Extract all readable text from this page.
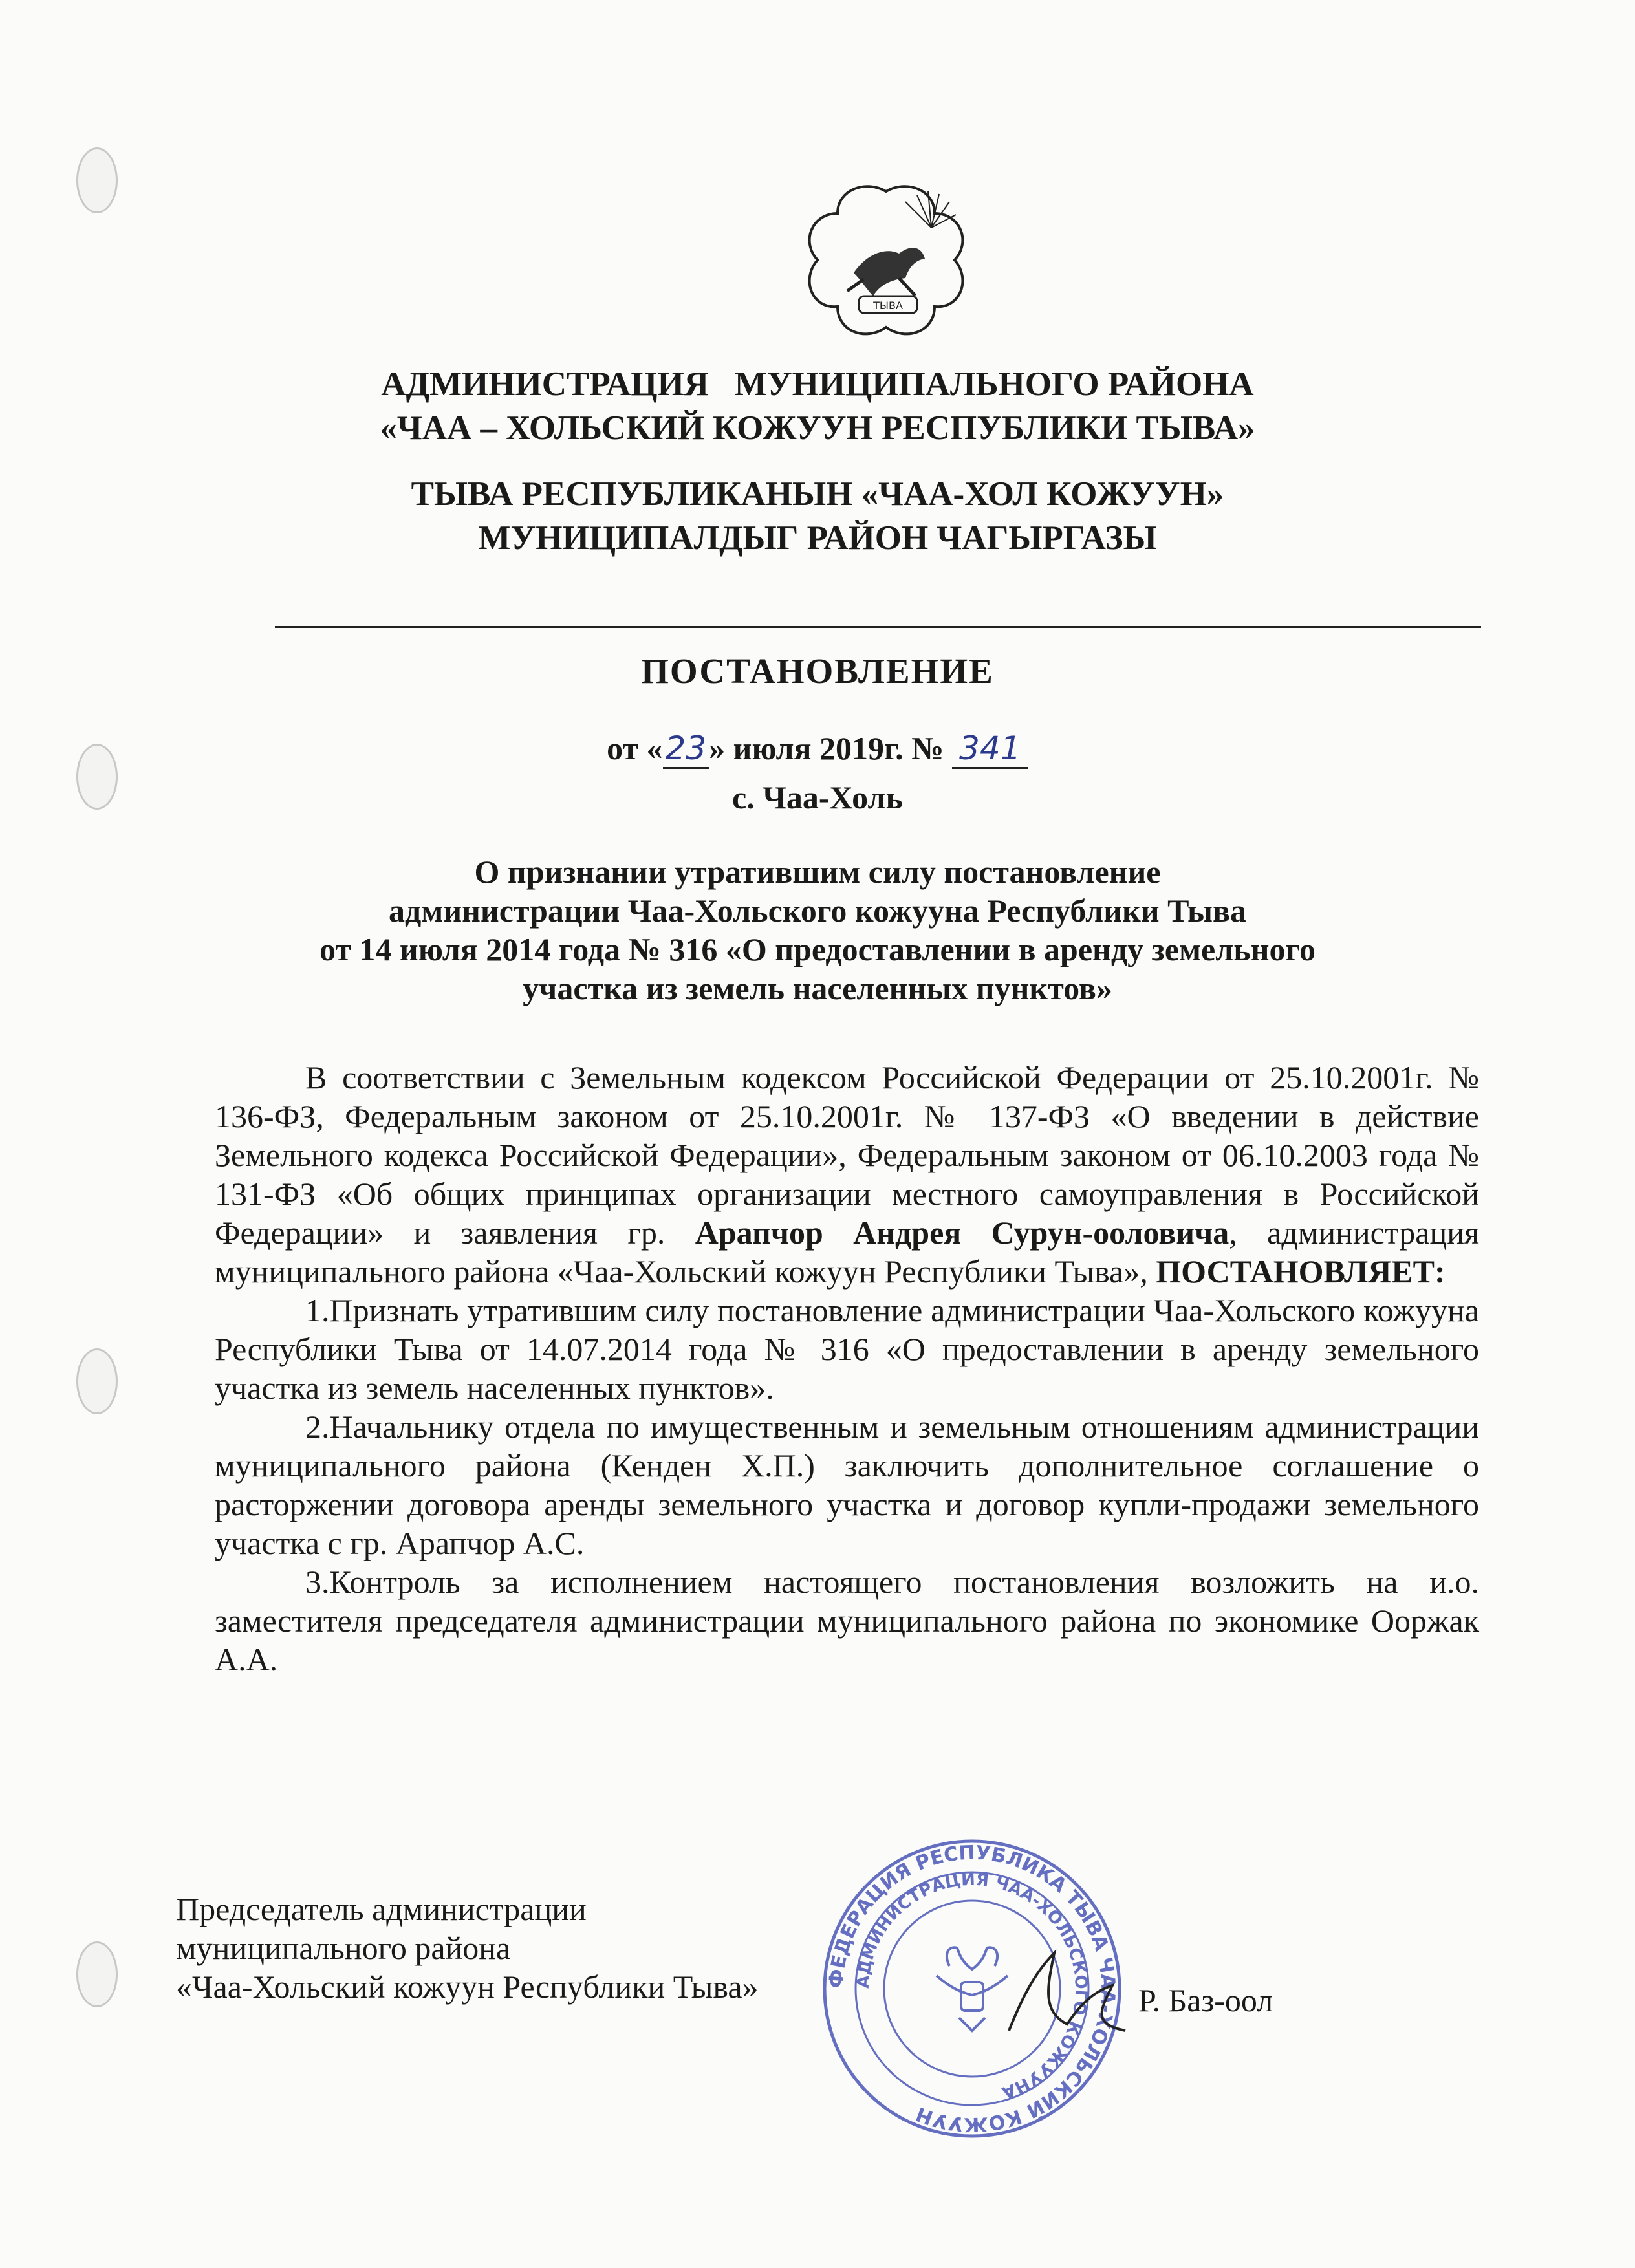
ТЫВА

АДМИНИСТРАЦИЯ   МУНИЦИПАЛЬНОГО РАЙОНА

«ЧАА – ХОЛЬСКИЙ КОЖУУН РЕСПУБЛИКИ ТЫВА»

ТЫВА РЕСПУБЛИКАНЫН «ЧАА-ХОЛ КОЖУУН»

МУНИЦИПАЛДЫГ РАЙОН ЧАГЫРГАЗЫ

ПОСТАНОВЛЕНИЕ
от «23» июля 2019г. № 341
с. Чаа-Холь

О признании утратившим силу постановление

администрации Чаа-Хольского кожууна Республики Тыва

от 14 июля 2014 года № 316 «О предоставлении в аренду земельного

участка из земель населенных пунктов»

В соответствии с Земельным кодексом Российской Федерации от 25.10.2001г. № 136-ФЗ, Федеральным законом от 25.10.2001г. № 137-ФЗ «О введении в действие Земельного кодекса Российской Федерации», Федеральным законом от 06.10.2003 года № 131-ФЗ «Об общих принципах организации местного самоуправления в Российской Федерации» и заявления гр. Арапчор Андрея Сурун-ооловича, администрация муниципального района «Чаа-Хольский кожуун Республики Тыва», ПОСТАНОВЛЯЕТ:

1.Признать утратившим силу постановление администрации Чаа-Хольского кожууна Республики Тыва от 14.07.2014 года № 316 «О предоставлении в аренду земельного участка из земель населенных пунктов».

2.Начальнику отдела по имущественным и земельным отношениям администрации муниципального района (Кенден Х.П.) заключить дополнительное соглашение о расторжении договора аренды земельного участка и договор купли-продажи земельного участка с гр. Арапчор А.С.

3.Контроль за исполнением настоящего постановления возложить на и.о. заместителя председателя администрации муниципального района по экономике Ооржак А.А.

ФЕДЕРАЦИЯ РЕСПУБЛИКА ТЫВА ЧАА-ХОЛЬСКИЙ КОЖУУН
АДМИНИСТРАЦИЯ ЧАА-ХОЛЬСКОГО КОЖУУНА

Председатель администрации

муниципального района

«Чаа-Хольский кожуун Республики Тыва»	Р. Баз-оол
